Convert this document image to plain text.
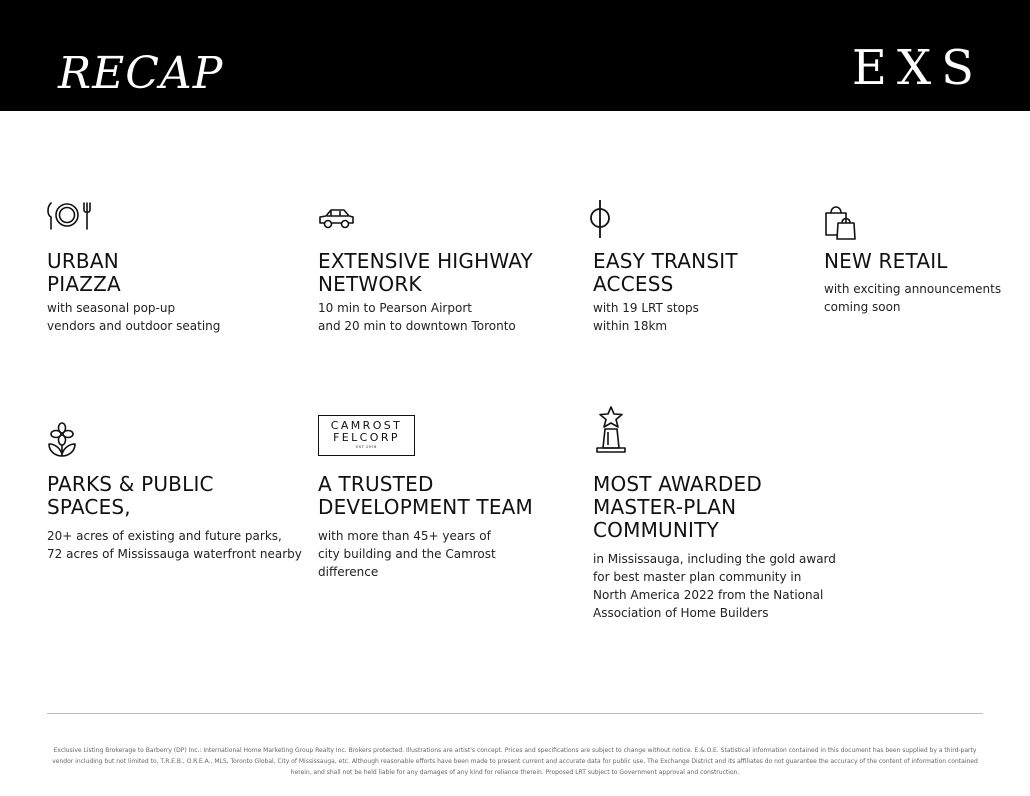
RECAP	EXS
URBAN
PIAZZA
with seasonal pop-up
vendors and outdoor seating
EXTENSIVE HIGHWAY
NETWORK
10 min to Pearson Airport
and 20 min to downtown Toronto
EASY TRANSIT
ACCESS
with 19 LRT stops
within 18km
NEW RETAIL
with exciting announcements
coming soon
PARKS & PUBLIC
SPACES,
20+ acres of existing and future parks,
72 acres of Mississauga waterfront nearby
CAMROST
FELCORP
EST 1976
A TRUSTED
DEVELOPMENT TEAM
with more than 45+ years of
city building and the Camrost
difference
MOST AWARDED
MASTER-PLAN
COMMUNITY
in Mississauga, including the gold award
for best master plan community in
North America 2022 from the National
Association of Home Builders
Exclusive Listing Brokerage to Barberry (DP) Inc.: International Home Marketing Group Realty Inc. Brokers protected. Illustrations are artist's concept. Prices and specifications are subject to change without notice. E.&.O.E. Statistical information contained in this document has been supplied by a third-party vendor including but not limited to, T.R.E.B., O.R.E.A., MLS, Toronto Global, City of Mississauga, etc. Although reasonable efforts have been made to present current and accurate data for public use, The Exchange District and its affiliates do not guarantee the accuracy of the content of information contained herein, and shall not be held liable for any damages of any kind for reliance therein. Proposed LRT subject to Government approval and construction.
